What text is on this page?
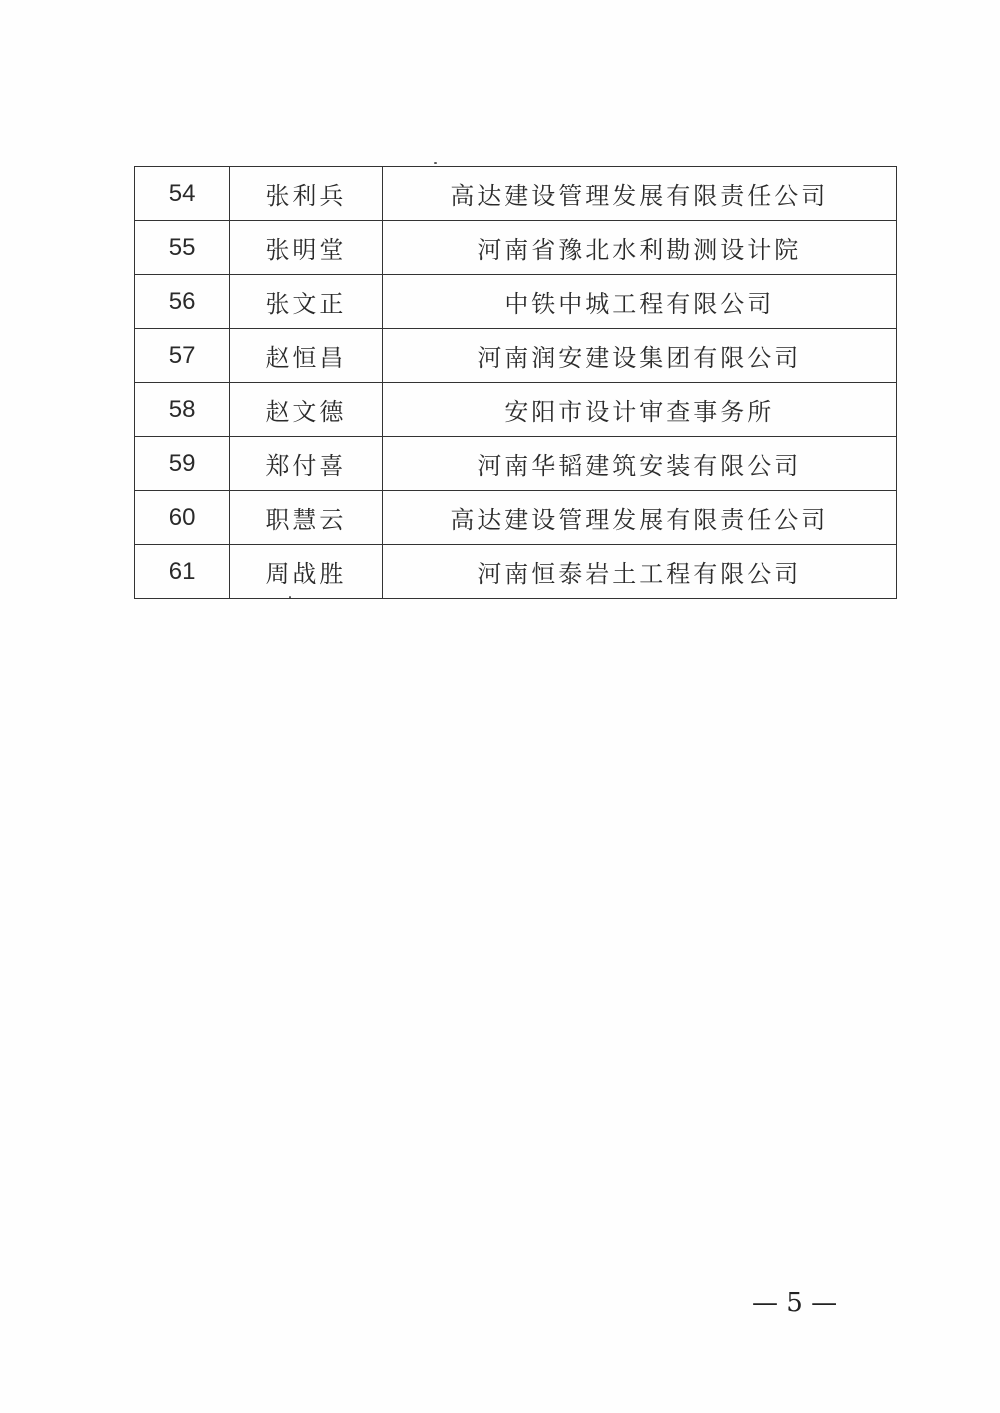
54	张利兵	高达建设管理发展有限责任公司
55	张明堂	河南省豫北水利勘测设计院
56	张文正	中铁中城工程有限公司
57	赵恒昌	河南润安建设集团有限公司
58	赵文德	安阳市设计审查事务所
59	郑付喜	河南华韬建筑安装有限公司
60	职慧云	高达建设管理发展有限责任公司
61	周战胜	河南恒泰岩土工程有限公司
— 5 —
